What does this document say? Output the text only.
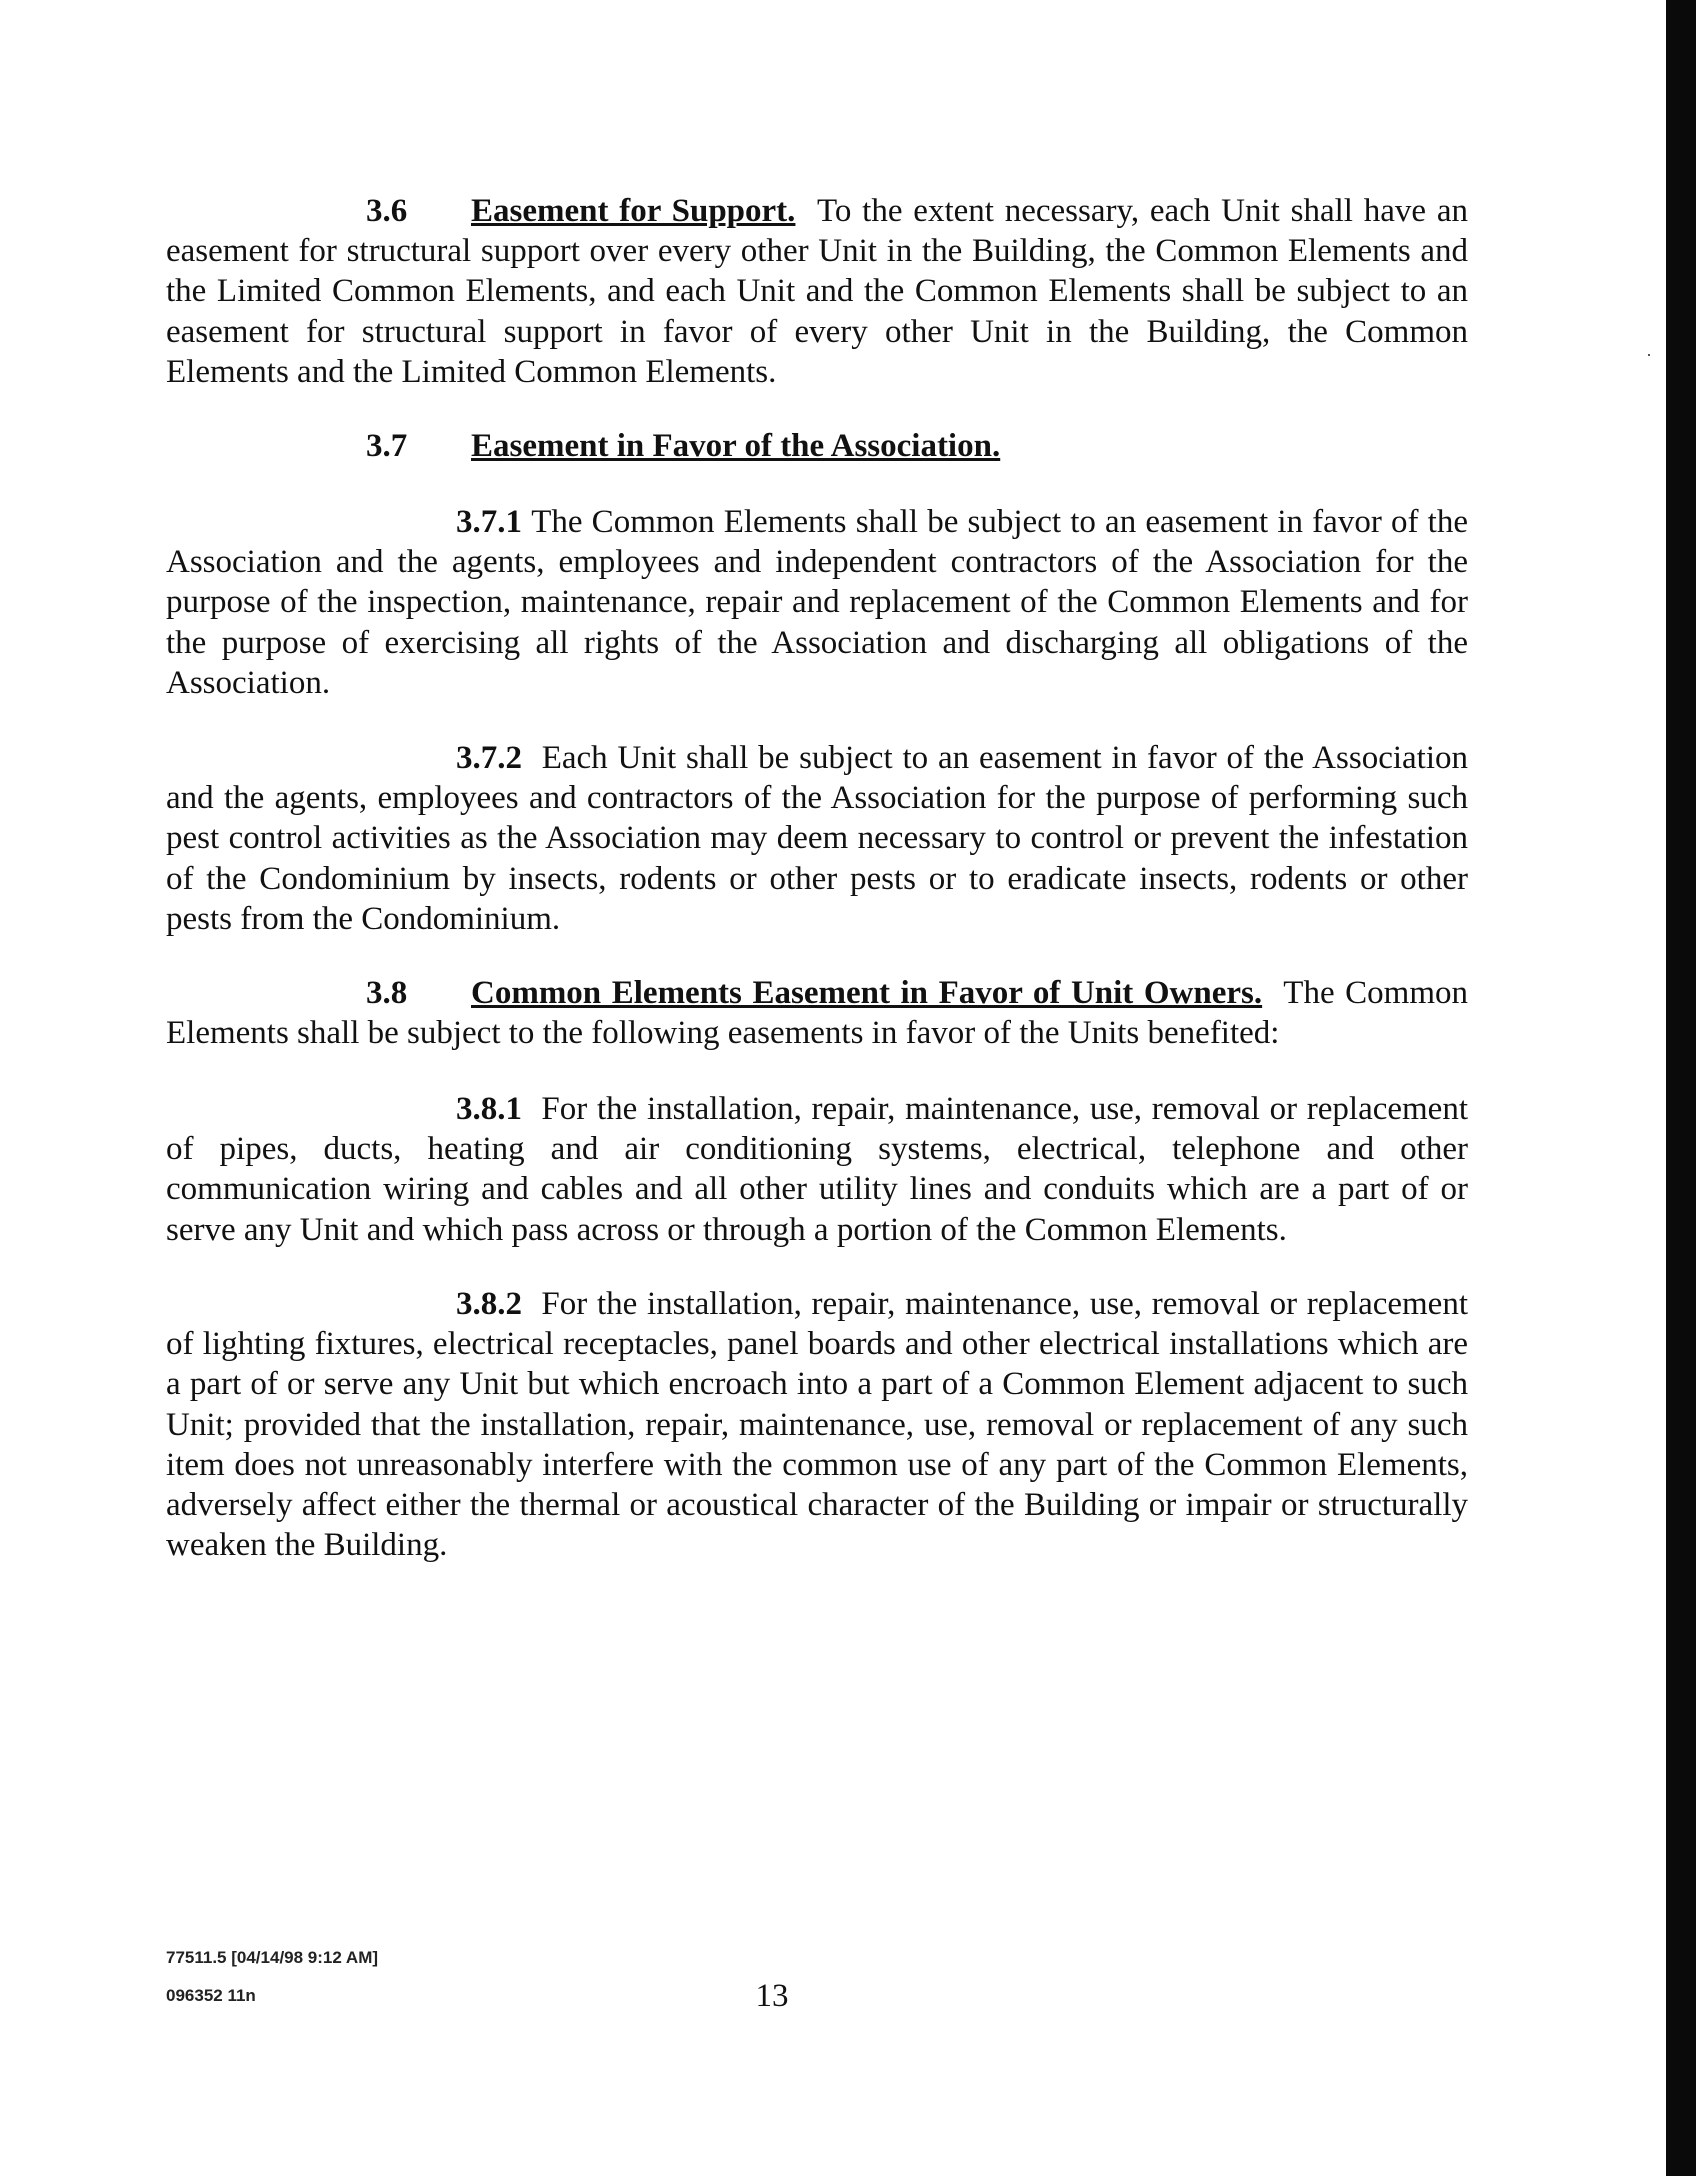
3.6 Easement for Support. To the extent necessary, each Unit shall have an easement for structural support over every other Unit in the Building, the Common Elements and the Limited Common Elements, and each Unit and the Common Elements shall be subject to an easement for structural support in favor of every other Unit in the Building, the Common Elements and the Limited Common Elements.

3.7 Easement in Favor of the Association.

3.7.1 The Common Elements shall be subject to an easement in favor of the Association and the agents, employees and independent contractors of the Association for the purpose of the inspection, maintenance, repair and replacement of the Common Elements and for the purpose of exercising all rights of the Association and discharging all obligations of the Association.

3.7.2 Each Unit shall be subject to an easement in favor of the Association and the agents, employees and contractors of the Association for the purpose of performing such pest control activities as the Association may deem necessary to control or prevent the infestation of the Condominium by insects, rodents or other pests or to eradicate insects, rodents or other pests from the Condominium.

3.8 Common Elements Easement in Favor of Unit Owners. The Common Elements shall be subject to the following easements in favor of the Units benefited:

3.8.1 For the installation, repair, maintenance, use, removal or replacement of pipes, ducts, heating and air conditioning systems, electrical, telephone and other communication wiring and cables and all other utility lines and conduits which are a part of or serve any Unit and which pass across or through a portion of the Common Elements.

3.8.2 For the installation, repair, maintenance, use, removal or replacement of lighting fixtures, electrical receptacles, panel boards and other electrical installations which are a part of or serve any Unit but which encroach into a part of a Common Element adjacent to such Unit; provided that the installation, repair, maintenance, use, removal or replacement of any such item does not unreasonably interfere with the common use of any part of the Common Elements, adversely affect either the thermal or acoustical character of the Building or impair or structurally weaken the Building.

77511.5 [04/14/98 9:12 AM]
096352 11n	13
